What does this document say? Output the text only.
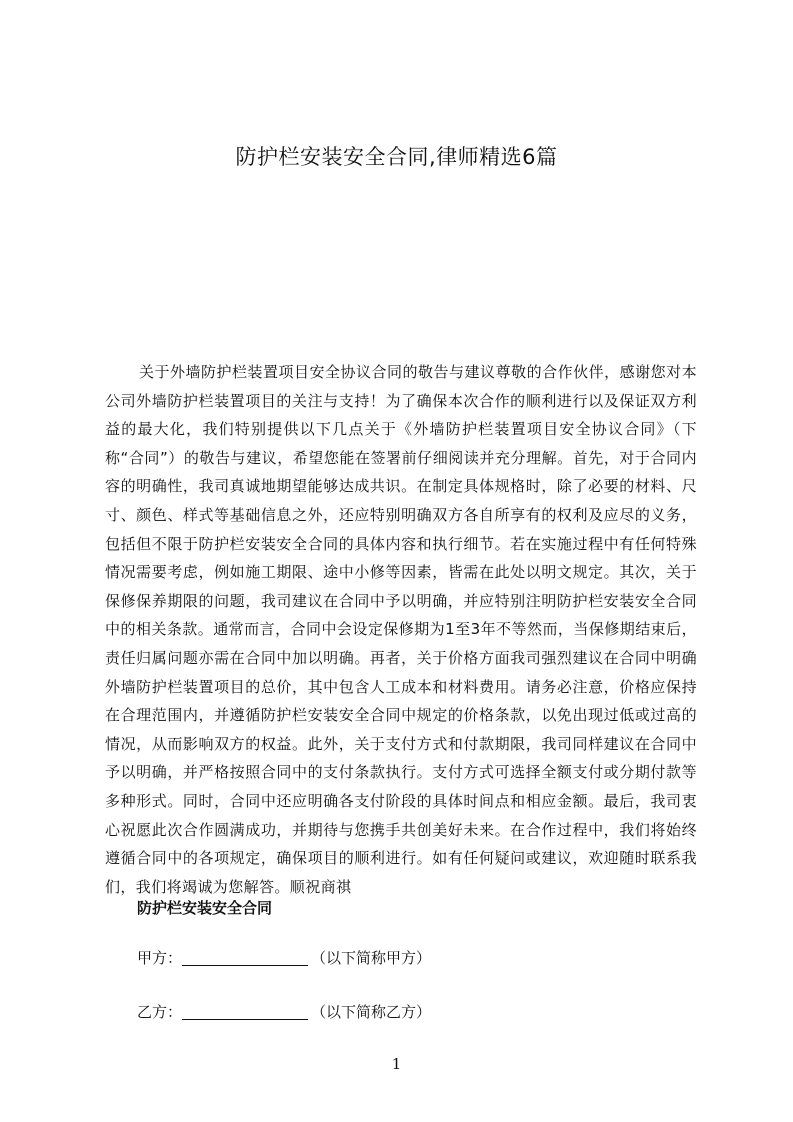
防护栏安装安全合同,律师精选6篇

关于外墙防护栏装置项目安全协议合同的敬告与建议尊敬的合作伙伴，感谢您对本公司外墙防护栏装置项目的关注与支持！为了确保本次合作的顺利进行以及保证双方利益的最大化，我们特别提供以下几点关于《外墙防护栏装置项目安全协议合同》（下称“合同”）的敬告与建议，希望您能在签署前仔细阅读并充分理解。首先，对于合同内容的明确性，我司真诚地期望能够达成共识。在制定具体规格时，除了必要的材料、尺寸、颜色、样式等基础信息之外，还应特别明确双方各自所享有的权利及应尽的义务，包括但不限于防护栏安装安全合同的具体内容和执行细节。若在实施过程中有任何特殊情况需要考虑，例如施工期限、途中小修等因素，皆需在此处以明文规定。其次，关于保修保养期限的问题，我司建议在合同中予以明确，并应特别注明防护栏安装安全合同中的相关条款。通常而言，合同中会设定保修期为1至3年不等然而，当保修期结束后，责任归属问题亦需在合同中加以明确。再者，关于价格方面我司强烈建议在合同中明确外墙防护栏装置项目的总价，其中包含人工成本和材料费用。请务必注意，价格应保持在合理范围内，并遵循防护栏安装安全合同中规定的价格条款，以免出现过低或过高的情况，从而影响双方的权益。此外，关于支付方式和付款期限，我司同样建议在合同中予以明确，并严格按照合同中的支付条款执行。支付方式可选择全额支付或分期付款等多种形式。同时，合同中还应明确各支付阶段的具体时间点和相应金额。最后，我司衷心祝愿此次合作圆满成功，并期待与您携手共创美好未来。在合作过程中，我们将始终遵循合同中的各项规定，确保项目的顺利进行。如有任何疑问或建议，欢迎随时联系我们，我们将竭诚为您解答。顺祝商祺

防护栏安装安全合同
甲方：	（以下简称甲方）
乙方：	（以下简称乙方）
1
